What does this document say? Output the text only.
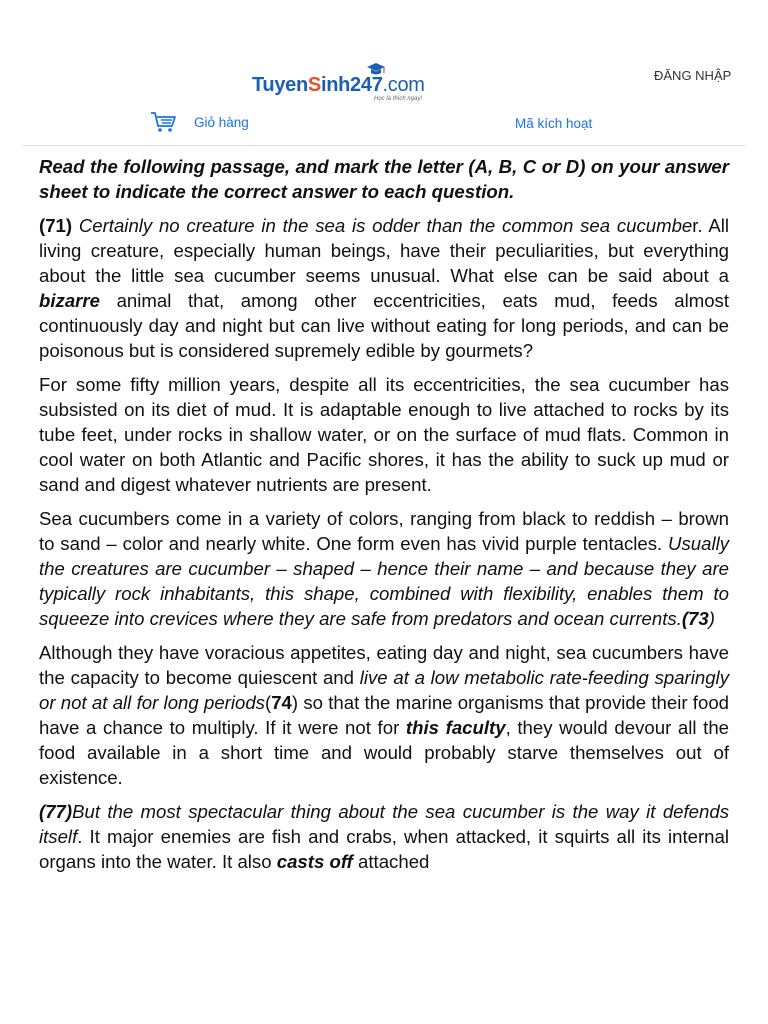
TuyenSinh247.com
Học là thích ngay!
ĐĂNG NHẬP
Giỏ hàng	Mã kích hoạt

Read the following passage, and mark the letter (A, B, C or D) on your answer sheet to indicate the correct answer to each question.

(71) Certainly no creature in the sea is odder than the common sea cucumber. All living creature, especially human beings, have their peculiarities, but everything about the little sea cucumber seems unusual. What else can be said about a bizarre animal that, among other eccentricities, eats mud, feeds almost continuously day and night but can live without eating for long periods, and can be poisonous but is considered supremely edible by gourmets?

For some fifty million years, despite all its eccentricities, the sea cucumber has subsisted on its diet of mud. It is adaptable enough to live attached to rocks by its tube feet, under rocks in shallow water, or on the surface of mud flats. Common in cool water on both Atlantic and Pacific shores, it has the ability to suck up mud or sand and digest whatever nutrients are present.

Sea cucumbers come in a variety of colors, ranging from black to reddish – brown to sand – color and nearly white. One form even has vivid purple tentacles. Usually the creatures are cucumber – shaped – hence their name – and because they are typically rock inhabitants, this shape, combined with flexibility, enables them to squeeze into crevices where they are safe from predators and ocean currents.(73)

Although they have voracious appetites, eating day and night, sea cucumbers have the capacity to become quiescent and live at a low metabolic rate-feeding sparingly or not at all for long periods(74) so that the marine organisms that provide their food have a chance to multiply. If it were not for this faculty, they would devour all the food available in a short time and would probably starve themselves out of existence.

(77)But the most spectacular thing about the sea cucumber is the way it defends itself. It major enemies are fish and crabs, when attacked, it squirts all its internal organs into the water. It also casts off attached
